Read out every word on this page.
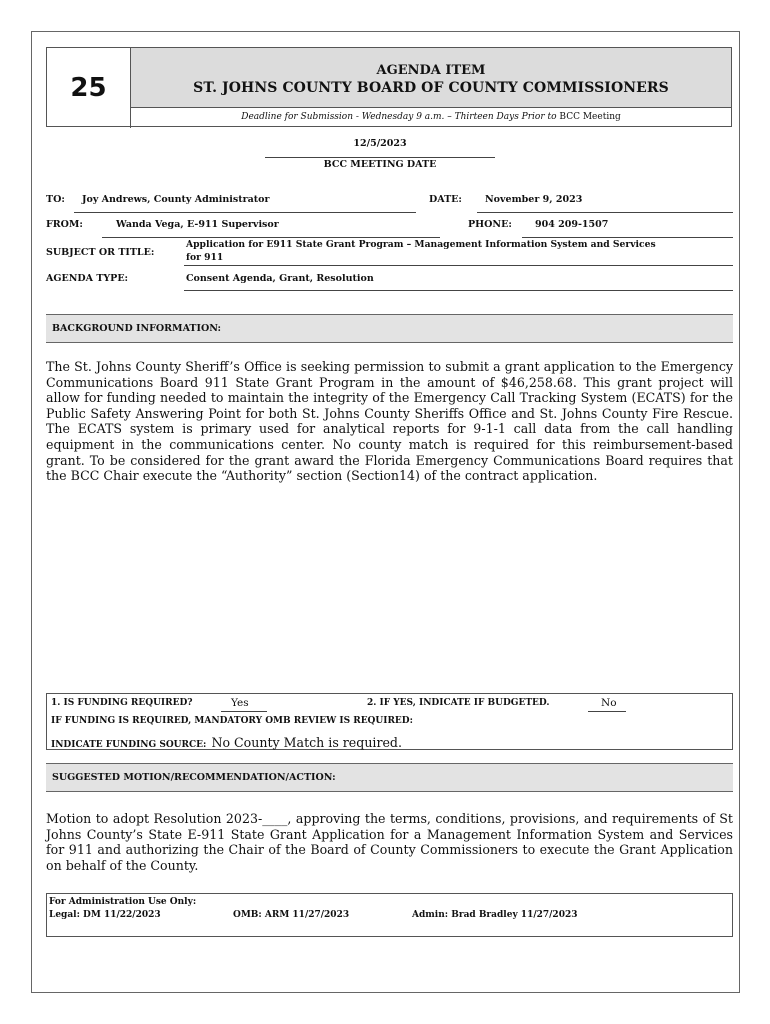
25
AGENDA ITEM
ST. JOHNS COUNTY BOARD OF COUNTY COMMISSIONERS
Deadline for Submission - Wednesday 9 a.m. – Thirteen Days Prior to BCC Meeting
12/5/2023
BCC MEETING DATE
TO: Joy Andrews, County Administrator	DATE: November 9, 2023
FROM:	Wanda Vega, E-911 Supervisor	PHONE: 904 209-1507
SUBJECT OR TITLE:
Application for E911 State Grant Program – Management Information System and Services
for 911
AGENDA TYPE:	Consent Agenda, Grant, Resolution
BACKGROUND INFORMATION:
The St. Johns County Sheriff’s Office is seeking permission to submit a grant application to the Emergency Communications Board 911 State Grant Program in the amount of $46,258.68. This grant project will allow for funding needed to maintain the integrity of the Emergency Call Tracking System (ECATS) for the Public Safety Answering Point for both St. Johns County Sheriffs Office and St. Johns County Fire Rescue. The ECATS system is primary used for analytical reports for 9-1-1 call data from the call handling equipment in the communications center. No county match is required for this reimbursement-based grant. To be considered for the grant award the Florida Emergency Communications Board requires that the BCC Chair execute the “Authority” section (Section14) of the contract application.
1. IS FUNDING REQUIRED?	Yes	2. IF YES, INDICATE IF BUDGETED.	No
IF FUNDING IS REQUIRED, MANDATORY OMB REVIEW IS REQUIRED:
INDICATE FUNDING SOURCE: No County Match is required.
SUGGESTED MOTION/RECOMMENDATION/ACTION:
Motion to adopt Resolution 2023-____, approving the terms, conditions, provisions, and requirements of St Johns County’s State E-911 State Grant Application for a Management Information System and Services for 911 and authorizing the Chair of the Board of County Commissioners to execute the Grant Application on behalf of the County.
For Administration Use Only:
Legal: DM 11/22/2023	OMB: ARM 11/27/2023	Admin: Brad Bradley 11/27/2023
